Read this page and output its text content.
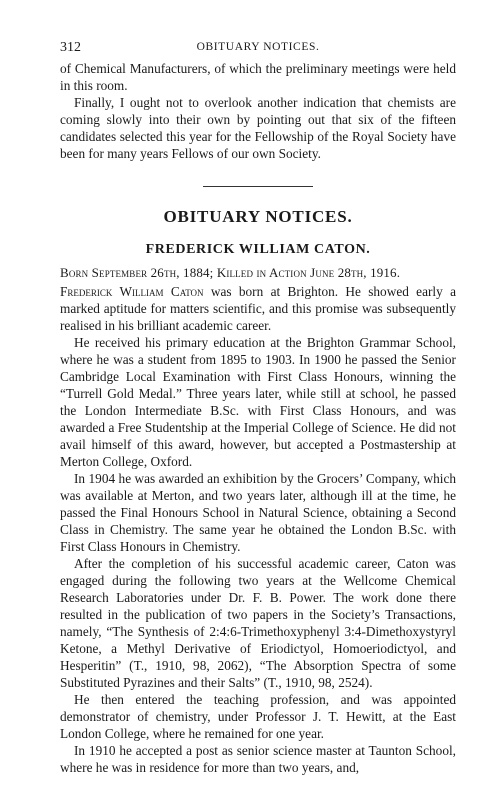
312	OBITUARY NOTICES.

of Chemical Manufacturers, of which the preliminary meetings were held in this room.

Finally, I ought not to overlook another indication that chemists are coming slowly into their own by pointing out that six of the fifteen candidates selected this year for the Fellowship of the Royal Society have been for many years Fellows of our own Society.

OBITUARY NOTICES.
FREDERICK WILLIAM CATON.

Born September 26th, 1884; Killed in Action June 28th, 1916.

Frederick William Caton was born at Brighton. He showed early a marked aptitude for matters scientific, and this promise was subsequently realised in his brilliant academic career.

He received his primary education at the Brighton Grammar School, where he was a student from 1895 to 1903. In 1900 he passed the Senior Cambridge Local Examination with First Class Honours, winning the “Turrell Gold Medal.” Three years later, while still at school, he passed the London Intermediate B.Sc. with First Class Honours, and was awarded a Free Studentship at the Imperial College of Science. He did not avail himself of this award, however, but accepted a Postmastership at Merton College, Oxford.

In 1904 he was awarded an exhibition by the Grocers’ Company, which was available at Merton, and two years later, although ill at the time, he passed the Final Honours School in Natural Science, obtaining a Second Class in Chemistry. The same year he obtained the London B.Sc. with First Class Honours in Chemistry.

After the completion of his successful academic career, Caton was engaged during the following two years at the Wellcome Chemical Research Laboratories under Dr. F. B. Power. The work done there resulted in the publication of two papers in the Society’s Transactions, namely, “The Synthesis of 2:4:6-Trimethoxyphenyl 3:4-Dimethoxystyryl Ketone, a Methyl Derivative of Eriodictyol, Homoeriodictyol, and Hesperitin” (T., 1910, 98, 2062), “The Absorption Spectra of some Substituted Pyrazines and their Salts” (T., 1910, 98, 2524).

He then entered the teaching profession, and was appointed demonstrator of chemistry, under Professor J. T. Hewitt, at the East London College, where he remained for one year.

In 1910 he accepted a post as senior science master at Taunton School, where he was in residence for more than two years, and,
